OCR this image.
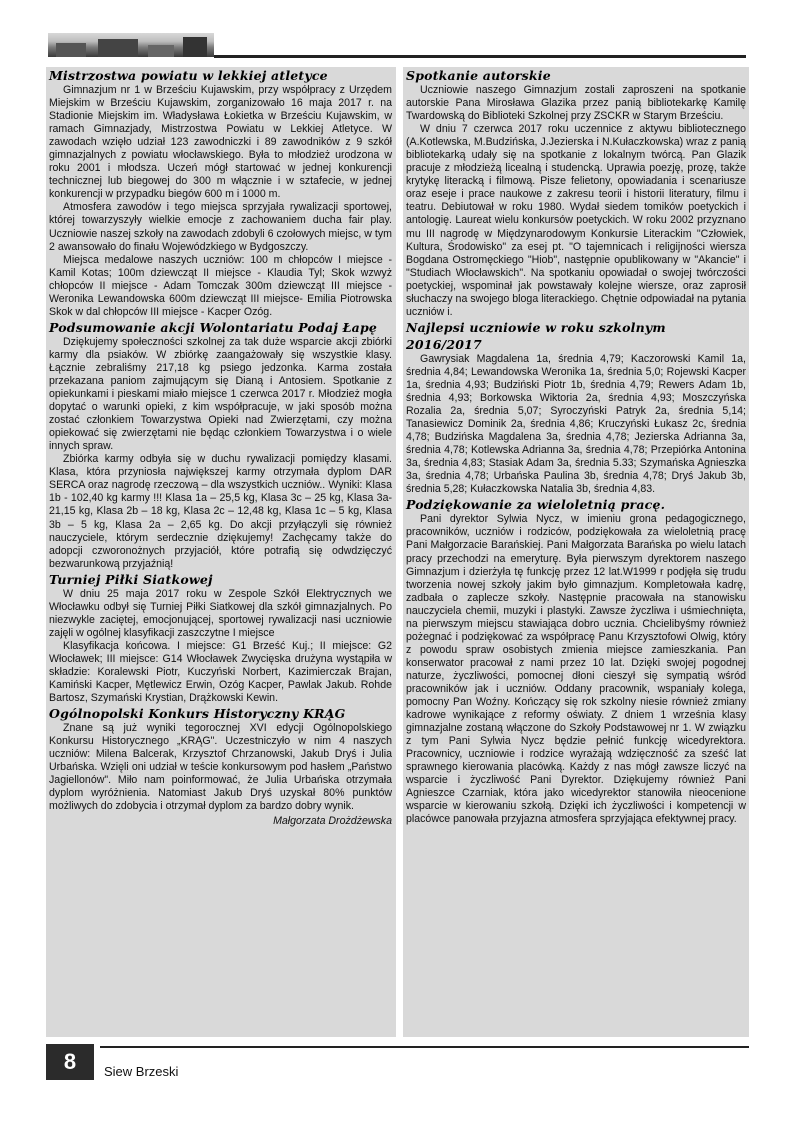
Mistrzostwa powiatu w lekkiej atletyce

Gimnazjum nr 1 w Brześciu Kujawskim, przy współpracy z Urzędem Miejskim w Brześciu Kujawskim, zorganizowało 16 maja 2017 r. na Stadionie Miejskim im. Władysława Łokietka w Brześciu Kujawskim, w ramach Gimnazjady, Mistrzostwa Powiatu w Lekkiej Atletyce. W zawodach wzięło udział 123 zawodniczki i 89 zawodników z 9 szkół gimnazjalnych z powiatu włocławskiego. Była to młodzież urodzona w roku 2001 i młodsza. Uczeń mógł startować w jednej konkurencji technicznej lub biegowej do 300 m włącznie i w sztafecie, w jednej konkurencji w przypadku biegów 600 m i 1000 m.

Atmosfera zawodów i tego miejsca sprzyjała rywalizacji sportowej, której towarzyszyły wielkie emocje z zachowaniem ducha fair play. Uczniowie naszej szkoły na zawodach zdobyli 6 czołowych miejsc, w tym 2 awansowało do finału Wojewódzkiego w Bydgoszczy.

Miejsca medalowe naszych uczniów: 100 m chłopców I miejsce - Kamil Kotas; 100m dziewcząt II miejsce - Klaudia Tyl; Skok wzwyż chłopców II miejsce - Adam Tomczak 300m dziewcząt III miejsce - Weronika Lewandowska 600m dziewcząt III miejsce- Emilia Piotrowska Skok w dal chłopców III miejsce - Kacper Ozóg.

Podsumowanie akcji Wolontariatu Podaj Łapę

Dziękujemy społeczności szkolnej za tak duże wsparcie akcji zbiórki karmy dla psiaków. W zbiórkę zaangażowały się wszystkie klasy. Łącznie zebraliśmy 217,18 kg psiego jedzonka. Karma została przekazana paniom zajmującym się Dianą i Antosiem. Spotkanie z opiekunkami i pieskami miało miejsce 1 czerwca 2017 r. Młodzież mogła dopytać o warunki opieki, z kim współpracuje, w jaki sposób można zostać członkiem Towarzystwa Opieki nad Zwierzętami, czy można opiekować się zwierzętami nie będąc członkiem Towarzystwa i o wiele innych spraw.

Zbiórka karmy odbyła się w duchu rywalizacji pomiędzy klasami. Klasa, która przyniosła największej karmy otrzymała dyplom DAR SERCA oraz nagrodę rzeczową – dla wszystkich uczniów.. Wyniki: Klasa 1b - 102,40 kg karmy !!! Klasa 1a – 25,5 kg, Klasa 3c – 25 kg, Klasa 3a- 21,15 kg, Klasa 2b – 18 kg, Klasa 2c – 12,48 kg, Klasa 1c – 5 kg, Klasa 3b – 5 kg, Klasa 2a – 2,65 kg. Do akcji przyłączyli się również nauczyciele, którym serdecznie dziękujemy! Zachęcamy także do adopcji czworonożnych przyjaciół, które potrafią się odwdzięczyć bezwarunkową przyjaźnią!

Turniej Piłki Siatkowej

W dniu 25 maja 2017 roku w Zespole Szkół Elektrycznych we Włocławku odbył się Turniej Piłki Siatkowej dla szkół gimnazjalnych. Po niezwykle zaciętej, emocjonującej, sportowej rywalizacji nasi uczniowie zajęli w ogólnej klasyfikacji zaszczytne I miejsce

Klasyfikacja końcowa. I miejsce: G1 Brześć Kuj.; II miejsce: G2 Włocławek; III miejsce: G14 Włocławek Zwycięska drużyna wystąpiła w składzie: Koralewski Piotr, Kuczyński Norbert, Kazimierczak Brajan, Kamiński Kacper, Mętlewicz Erwin, Ozóg Kacper, Pawlak Jakub. Rohde Bartosz, Szymański Krystian, Drążkowski Kewin.

Ogólnopolski Konkurs Historyczny KRĄG

Znane są już wyniki tegorocznej XVI edycji Ogólnopolskiego Konkursu Historycznego „KRĄG". Uczestniczyło w nim 4 naszych uczniów: Milena Balcerak, Krzysztof Chrzanowski, Jakub Dryś i Julia Urbańska. Wzięli oni udział w teście konkursowym pod hasłem „Państwo Jagiellonów". Miło nam poinformować, że Julia Urbańska otrzymała dyplom wyróżnienia. Natomiast Jakub Dryś uzyskał 80% punktów możliwych do zdobycia i otrzymał dyplom za bardzo dobry wynik.

Małgorzata Drożdżewska

Spotkanie autorskie

Uczniowie naszego Gimnazjum zostali zaproszeni na spotkanie autorskie Pana Mirosława Glazika przez panią bibliotekarkę Kamilę Twardowską do Biblioteki Szkolnej przy ZSCKR w Starym Brześciu.

W dniu 7 czerwca 2017 roku uczennice z aktywu bibliotecznego (A.Kotlewska, M.Budzińska, J.Jezierska i N.Kułaczkowska) wraz z panią bibliotekarką udały się na spotkanie z lokalnym twórcą. Pan Glazik pracuje z młodzieżą licealną i studencką. Uprawia poezję, prozę, także krytykę literacką i filmową. Pisze felietony, opowiadania i scenariusze oraz eseje i prace naukowe z zakresu teorii i historii literatury, filmu i teatru. Debiutował w roku 1980. Wydał siedem tomików poetyckich i antologię. Laureat wielu konkursów poetyckich. W roku 2002 przyznano mu III nagrodę w Międzynarodowym Konkursie Literackim "Człowiek, Kultura, Środowisko" za esej pt. "O tajemnicach i religijności wiersza Bogdana Ostromęckiego "Hiob", następnie opublikowany w "Akancie" i "Studiach Włocławskich". Na spotkaniu opowiadał o swojej twórczości poetyckiej, wspominał jak powstawały kolejne wiersze, oraz zaprosił słuchaczy na swojego bloga literackiego. Chętnie odpowiadał na pytania uczniów i.

Najlepsi uczniowie w roku szkolnym 2016/2017

Gawrysiak Magdalena 1a, średnia 4,79; Kaczorowski Kamil 1a, średnia 4,84; Lewandowska Weronika 1a, średnia 5,0; Rojewski Kacper 1a, średnia 4,93; Budziński Piotr 1b, średnia 4,79; Rewers Adam 1b, średnia 4,93; Borkowska Wiktoria 2a, średnia 4,93; Moszczyńska Rozalia 2a, średnia 5,07; Syroczyński Patryk 2a, średnia 5,14; Tanasiewicz Dominik 2a, średnia 4,86; Kruczyński Łukasz 2c, średnia 4,78; Budzińska Magdalena 3a, średnia 4,78; Jezierska Adrianna 3a, średnia 4,78; Kotlewska Adrianna 3a, średnia 4,78; Przepiórka Antonina 3a, średnia 4,83; Stasiak Adam 3a, średnia 5.33; Szymańska Agnieszka 3a, średnia 4,78; Urbańska Paulina 3b, średnia 4,78; Dryś Jakub 3b, średnia 5,28; Kułaczkowska Natalia 3b, średnia 4,83.

Podziękowanie za wieloletnią pracę.

Pani dyrektor Sylwia Nycz, w imieniu grona pedagogicznego, pracowników, uczniów i rodziców, podziękowała za wieloletnią pracę Pani Małgorzacie Barańskiej. Pani Małgorzata Barańska po wielu latach pracy przechodzi na emeryturę. Była pierwszym dyrektorem naszego Gimnazjum i dzierżyła tę funkcję przez 12 lat.W1999 r podjęła się trudu tworzenia nowej szkoły jakim było gimnazjum. Kompletowała kadrę, zadbała o zaplecze szkoły. Następnie pracowała na stanowisku nauczyciela chemii, muzyki i plastyki. Zawsze życzliwa i uśmiechnięta, na pierwszym miejscu stawiająca dobro ucznia. Chcielibyśmy również pożegnać i podziękować za współpracę Panu Krzysztofowi Olwig, który z powodu spraw osobistych zmienia miejsce zamieszkania. Pan konserwator pracował z nami przez 10 lat. Dzięki swojej pogodnej naturze, życzliwości, pomocnej dłoni cieszył się sympatią wśród pracowników jak i uczniów. Oddany pracownik, wspaniały kolega, pomocny Pan Woźny. Kończący się rok szkolny niesie również zmiany kadrowe wynikające z reformy oświaty. Z dniem 1 września klasy gimnazjalne zostaną włączone do Szkoły Podstawowej nr 1. W związku z tym Pani Sylwia Nycz będzie pełnić funkcję wicedyrektora. Pracownicy, uczniowie i rodzice wyrażają wdzięczność za sześć lat sprawnego kierowania placówką. Każdy z nas mógł zawsze liczyć na wsparcie i życzliwość Pani Dyrektor. Dziękujemy również Pani Agnieszce Czarniak, która jako wicedyrektor stanowiła nieocenione wsparcie w kierowaniu szkołą. Dzięki ich życzliwości i kompetencji w placówce panowała przyjazna atmosfera sprzyjająca efektywnej pracy.

8	Siew Brzeski
